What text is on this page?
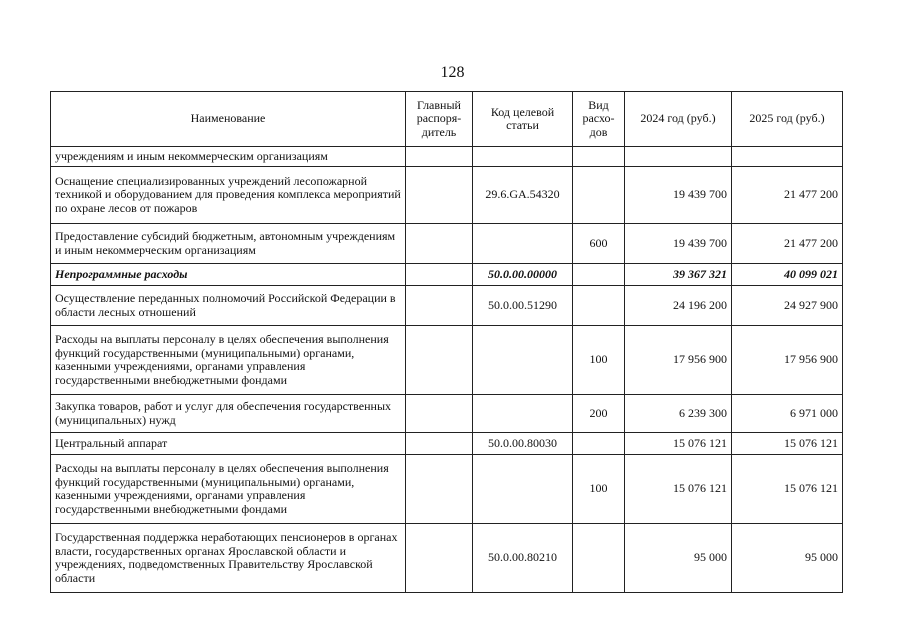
128
Наименование	Главный распоря-дитель	Код целевой статьи	Вид расхо-дов	2024 год (руб.)	2025 год (руб.)
учреждениям и иным некоммерческим организациям					
Оснащение специализированных учреждений лесопожарной техникой и оборудованием для проведения комплекса мероприятий по охране лесов от пожаров		29.6.GA.54320		19 439 700	21 477 200
Предоставление субсидий бюджетным, автономным учреждениям и иным некоммерческим организациям			600	19 439 700	21 477 200
Непрограммные расходы		50.0.00.00000		39 367 321	40 099 021
Осуществление переданных полномочий Российской Федерации в области лесных отношений		50.0.00.51290		24 196 200	24 927 900
Расходы на выплаты персоналу в целях обеспечения выполнения функций государственными (муниципальными) органами, казенными учреждениями, органами управления государственными внебюджетными фондами			100	17 956 900	17 956 900
Закупка товаров, работ и услуг для обеспечения государственных (муниципальных) нужд			200	6 239 300	6 971 000
Центральный аппарат		50.0.00.80030		15 076 121	15 076 121
Расходы на выплаты персоналу в целях обеспечения выполнения функций государственными (муниципальными) органами, казенными учреждениями, органами управления государственными внебюджетными фондами			100	15 076 121	15 076 121
Государственная поддержка неработающих пенсионеров в органах власти, государственных органах Ярославской области и учреждениях, подведомственных Правительству Ярославской области		50.0.00.80210		95 000	95 000
